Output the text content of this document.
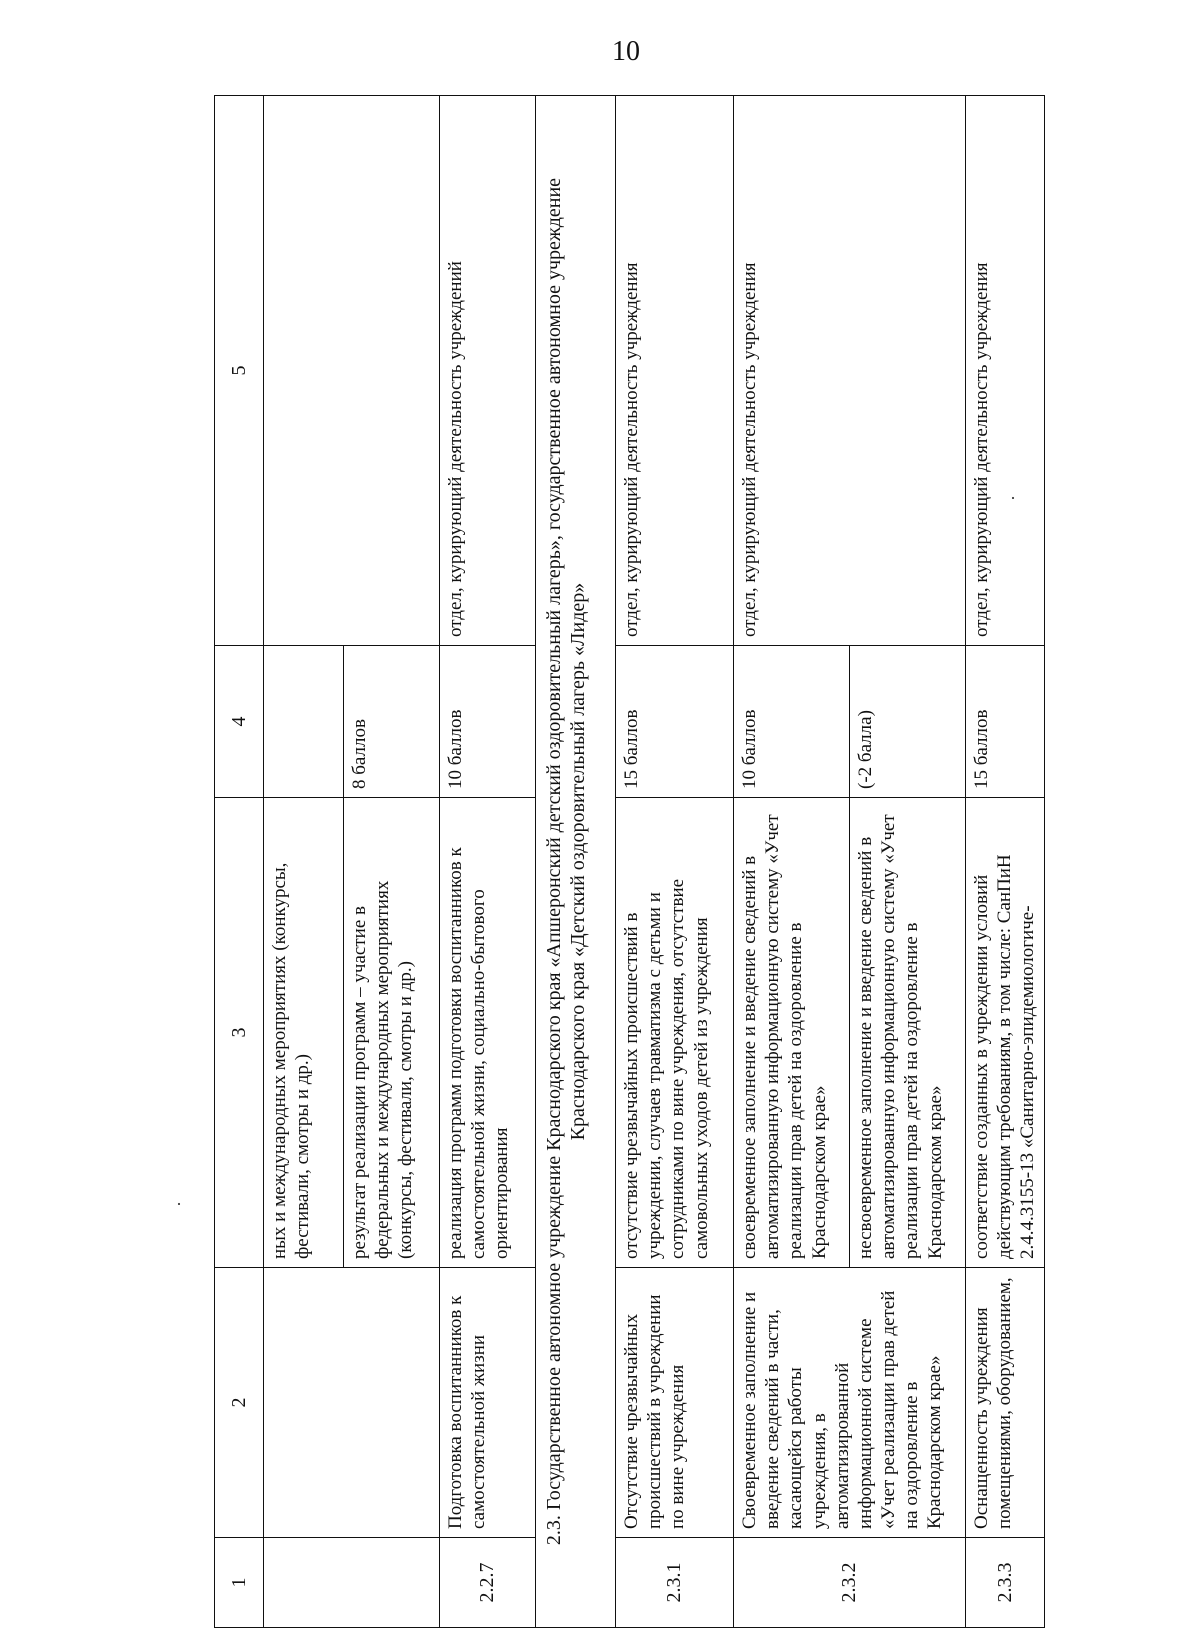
10
1	2	3	4	5
		ных и международных мероприятиях (конкурсы, фестивали, смотры и др.)		
		результат реализации программ – участие в федеральных и международных мероприятиях (конкурсы, фестивали, смотры и др.)	8 баллов	
2.2.7	Подготовка воспитанников к самостоятельной жизни	реализация программ подготовки воспитанников к самостоятельной жизни, социально-бытового ориентирования	10 баллов	отдел, курирующий деятельность учреждений
2.3. Государственное автономное учреждение Краснодарского края «Апшеронский детский оздоровительный лагерь», государственное автономное учреждение Краснодарского края «Детский оздоровительный лагерь «Лидер»				
2.3.1	Отсутствие чрезвычайных происшествий в учреждении по вине учреждения	отсутствие чрезвычайных происшествий в учреждении, случаев травматизма с детьми и сотрудниками по вине учреждения, отсутствие самовольных уходов детей из учреждения	15 баллов	отдел, курирующий деятельность учреждения
2.3.2	Своевременное заполнение и введение сведений в части, касающейся работы учреждения, в автоматизированной информационной системе «Учет реализации прав детей на оздоровление в Краснодарском крае»	своевременное заполнение и введение сведений в автоматизированную информационную систему «Учет реализации прав детей на оздоровление в Краснодарском крае»	10 баллов	отдел, курирующий деятельность учреждения
		несвоевременное заполнение и введение сведений в автоматизированную информационную систему «Учет реализации прав детей на оздоровление в Краснодарском крае»	(-2 балла)	
2.3.3	Оснащенность учреждения помещениями, оборудованием,	соответствие созданных в учреждении условий действующим требованиям, в том числе: СанПиН 2.4.4.3155-13 «Санитарно-эпидемиологиче-	15 баллов	отдел, курирующий деятельность учреждения ·
·
